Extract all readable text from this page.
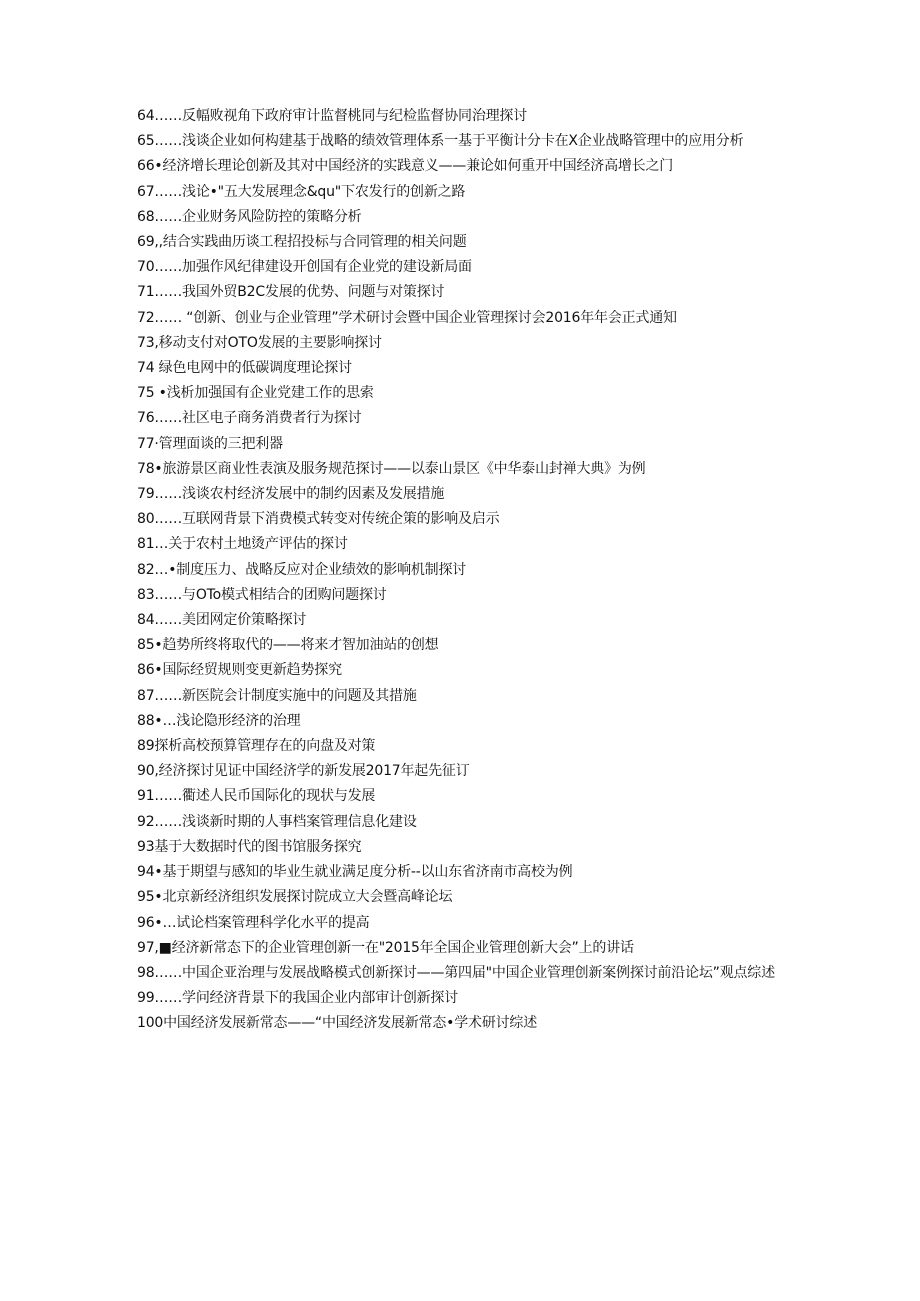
64……反幅败视角下政府审计监督桃同与纪检监督协同治理探讨
65……浅谈企业如何构建基于战略的绩效管理体系一基于平衡计分卡在X企业战略管理中的应用分析
66•经济增长理论创新及其对中国经济的实践意义——兼论如何重开中国经济高增长之门
67……浅论•"五大发展理念&qu"下农发行的创新之路
68……企业财务风险防控的策略分析
69,,结合实践曲历谈工程招投标与合同管理的相关问题
70……加强作风纪律建设开创国有企业党的建设新局面
71……我国外贸B2C发展的优势、问题与对策探讨
72…… “创新、创业与企业管理”学术研讨会暨中国企业管理探讨会2016年年会正式通知
73,移动支付对OTO发展的主要影响探讨
74 绿色电网中的低碳调度理论探讨
75 •浅析加强国有企业党建工作的思索
76……社区电子商务消费者行为探讨
77·管理面谈的三把利器
78•旅游景区商业性表演及服务规范探讨——以泰山景区《中华泰山封禅大典》为例
79……浅谈农村经济发展中的制约因素及发展措施
80……互联网背景下消费模式转变对传统企策的影响及启示
81…关于农村土地烫产评估的探讨
82…•制度压力、战略反应对企业绩效的影响机制探讨
83……与OTo模式相结合的团购问题探讨
84……美团网定价策略探讨
85•趋势所终将取代的——将来才智加油站的创想
86•国际经贸规则变更新趋势探究
87……新医院会计制度实施中的问题及其措施
88•…浅论隐形经济的治理
89探析高校预算管理存在的向盘及对策
90,经济探讨见证中国经济学的新发展2017年起先征订
91……衢述人民币国际化的现状与发展
92……浅谈新时期的人事档案管理信息化建设
93基于大数据时代的图书馆服务探究
94•基于期望与感知的毕业生就业满足度分析--以山东省济南市高校为例
95•北京新经济组织发展探讨院成立大会暨高峰论坛
96•…试论档案管理科学化水平的提高
97,■经济新常态下的企业管理创新一在"2015年全国企业管理创新大会”上的讲话
98……中国企亚治理与发展战略模式创新探讨——第四届"中国企业管理创新案例探讨前沿论坛”观点综述
99……学问经济背景下的我国企业内部审计创新探讨
100中国经济发展新常态——“中国经济发展新常态•学术研讨综述
